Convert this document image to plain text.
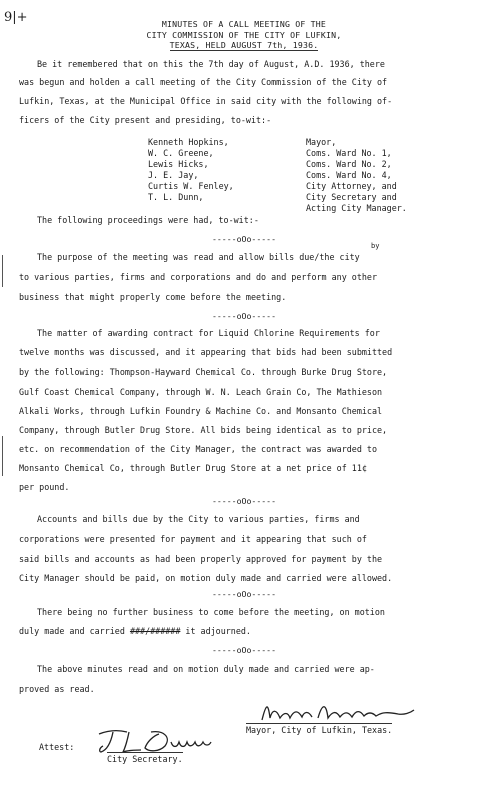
9|+	MINUTES OF A CALL MEETING OF THE
CITY COMMISSION OF THE CITY OF LUFKIN,
TEXAS, HELD AUGUST 7th, 1936.
Be it remembered that on this the 7th day of August, A.D. 1936, there
was begun and holden a call meeting of the City Commission of the City of
Lufkin, Texas, at the Municipal Office in said city with the following of-
ficers of the City present and presiding, to-wit:-
Kenneth Hopkins,	Mayor,
W. C. Greene,	Coms. Ward No. 1,
Lewis Hicks,	Coms. Ward No. 2,
J. E. Jay,	Coms. Ward No. 4,
Curtis W. Fenley,	City Attorney, and
T. L. Dunn,	City Secretary and
Acting City Manager.
The following proceedings were had, to-wit:-
-----oOo-----
by
The purpose of the meeting was read and allow bills due/the city
to various parties, firms and corporations and do and perform any other
business that might properly come before the meeting.
-----oOo-----
The matter of awarding contract for Liquid Chlorine Requirements for
twelve months was discussed, and it appearing that bids had been submitted
by the following: Thompson-Hayward Chemical Co. through Burke Drug Store,
Gulf Coast Chemical Company, through W. N. Leach Grain Co, The Mathieson
Alkali Works, through Lufkin Foundry & Machine Co. and Monsanto Chemical
Company, through Butler Drug Store. All bids being identical as to price,
etc. on recommendation of the City Manager, the contract was awarded to
Monsanto Chemical Co, through Butler Drug Store at a net price of 11¢
per pound.
-----oOo-----
Accounts and bills due by the City to various parties, firms and
corporations were presented for payment and it appearing that such of
said bills and accounts as had been properly approved for payment by the
City Manager should be paid, on motion duly made and carried were allowed.
-----oOo-----
There being no further business to come before the meeting, on motion
duly made and carried ###/###### it adjourned.
-----oOo-----
The above minutes read and on motion duly made and carried were ap-
proved as read.
Mayor, City of Lufkin, Texas.
Attest:
City Secretary.
